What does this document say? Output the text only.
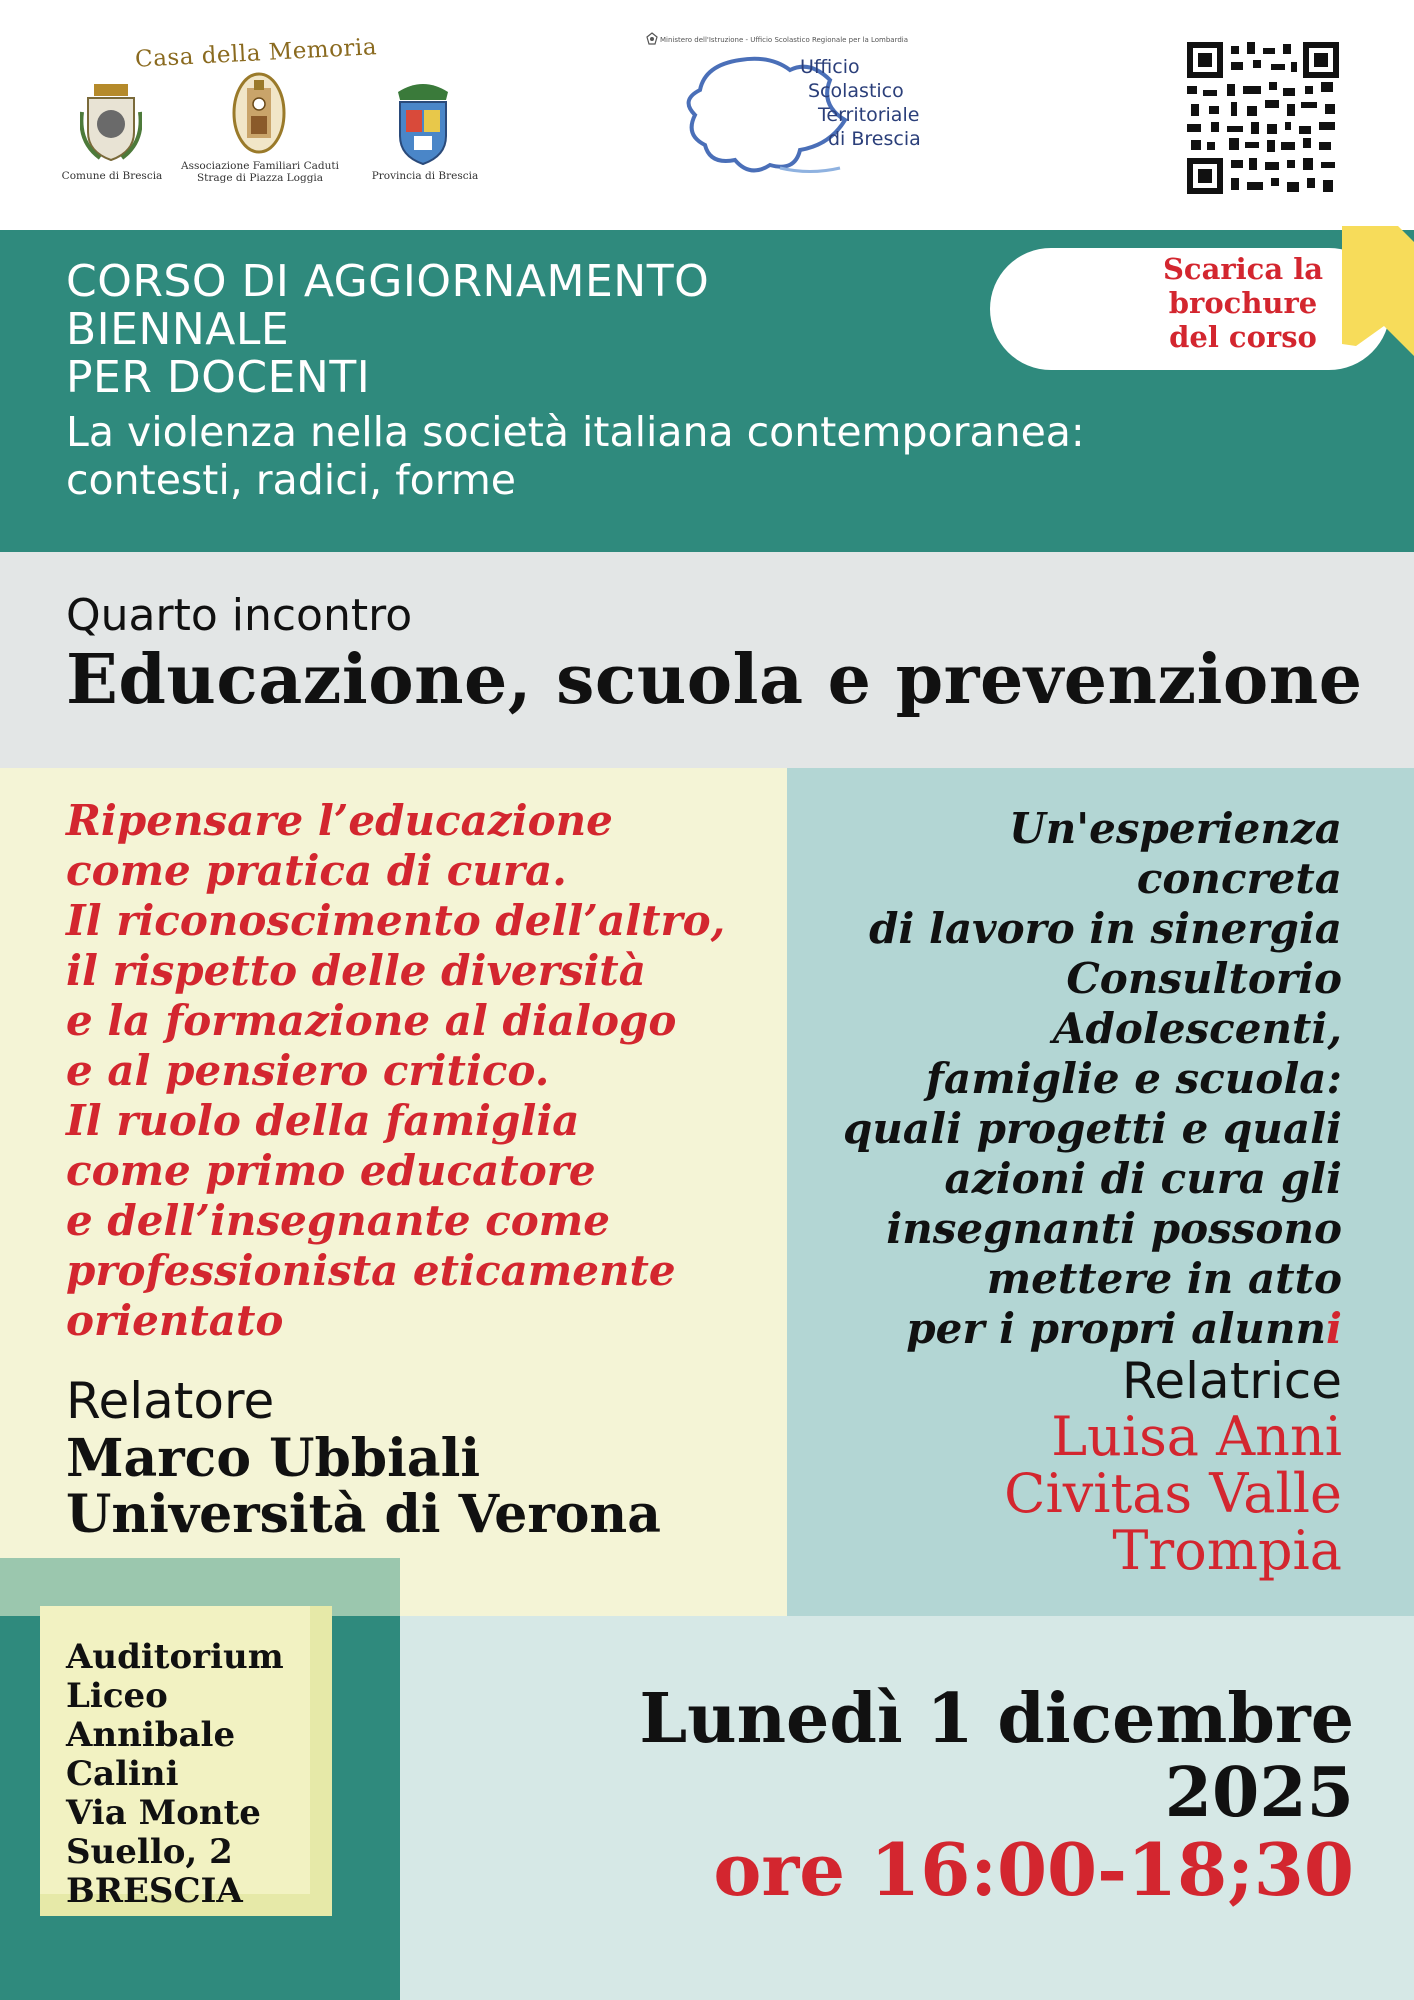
Casa della Memoria
Comune di Brescia
Associazione Familiari Caduti
Strage di Piazza Loggia	Provincia di Brescia
Ministero dell'Istruzione - Ufficio Scolastico Regionale per la Lombardia
Ufficio
Scolastico
Territoriale
di Brescia
CORSO DI AGGIORNAMENTO
BIENNALE
PER DOCENTI
La violenza nella società italiana contemporanea:
contesti, radici, forme
Scarica la
brochure
del corso
Quarto incontro
Educazione, scuola e prevenzione
Ripensare l’educazione
come pratica di cura.
Il riconoscimento dell’altro,
il rispetto delle diversità
e la formazione al dialogo
e al pensiero critico.
Il ruolo della famiglia
come primo educatore
e dell’insegnante come
professionista eticamente
orientato
Relatore
Marco Ubbiali
Università di Verona
Un'esperienza
concreta
di lavoro in sinergia
Consultorio
Adolescenti,
famiglie e scuola:
quali progetti e quali
azioni di cura gli
insegnanti possono
mettere in atto
per i propri alunni
Relatrice
Luisa Anni
Civitas Valle
Trompia
Auditorium
Liceo
Annibale
Calini
Via Monte
Suello, 2
BRESCIA
Lunedì 1 dicembre
2025
ore 16:00-18;30
